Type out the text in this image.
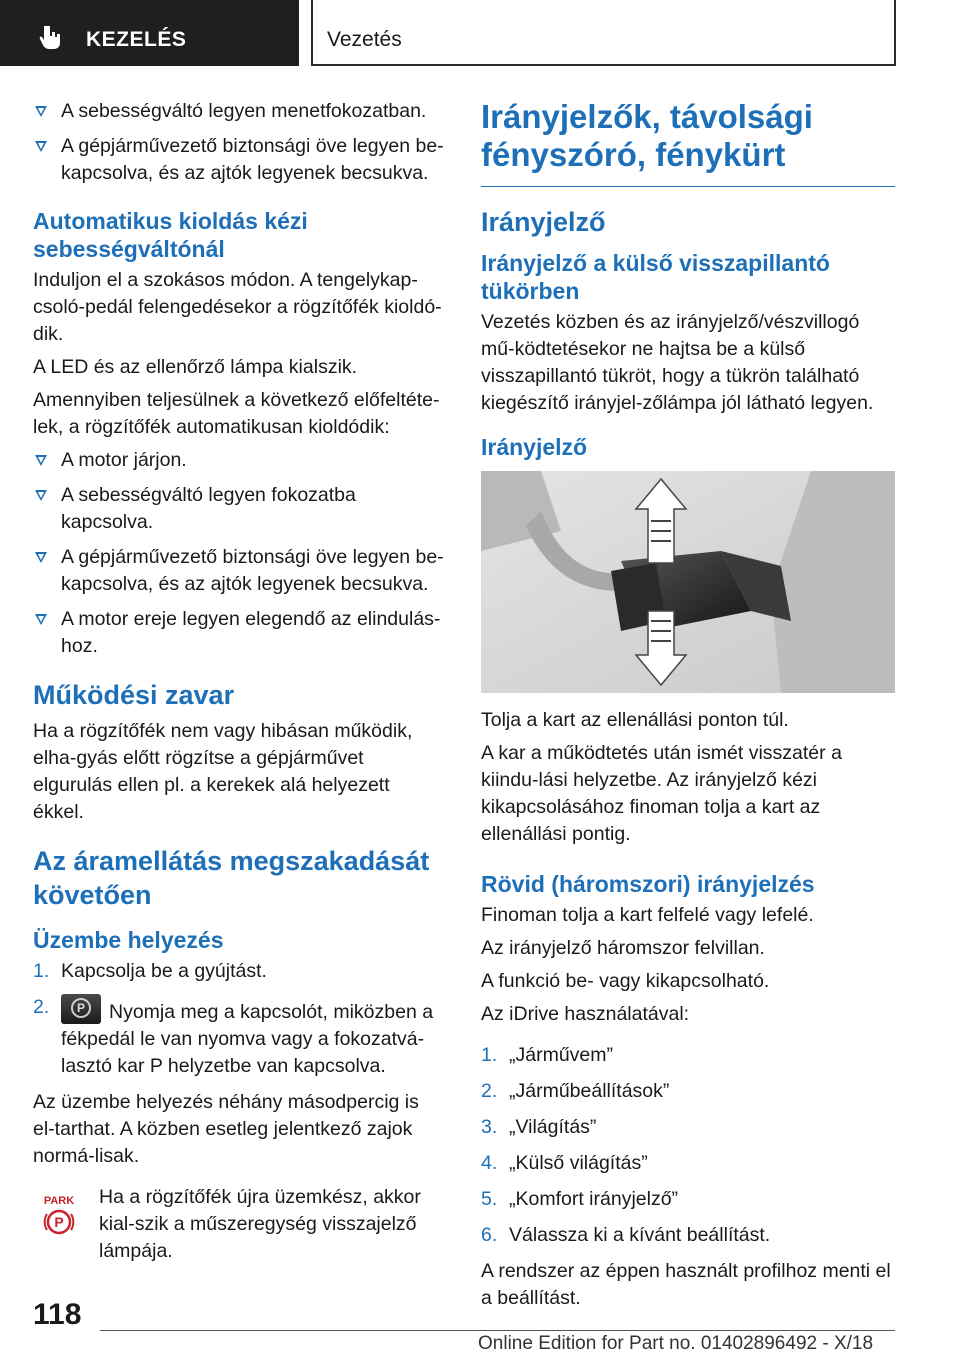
KEZELÉS	Vezetés
A sebességváltó legyen menetfokozatban.
A gépjárművezető biztonsági öve legyen be-kapcsolva, és az ajtók legyenek becsukva.
Automatikus kioldás kézi sebességváltónál

Induljon el a szokásos módon. A tengelykap-csoló-pedál felengedésekor a rögzítőfék kioldó-dik.

A LED és az ellenőrző lámpa kialszik.

Amennyiben teljesülnek a következő előfeltéte-lek, a rögzítőfék automatikusan kioldódik:

A motor járjon.
A sebességváltó legyen fokozatba kapcsolva.
A gépjárművezető biztonsági öve legyen be-kapcsolva, és az ajtók legyenek becsukva.
A motor ereje legyen elegendő az elindulás-hoz.
Működési zavar

Ha a rögzítőfék nem vagy hibásan működik, elha-gyás előtt rögzítse a gépjárművet elgurulás ellen pl. a kerekek alá helyezett ékkel.

Az áramellátás megszakadását követően
Üzembe helyezés
1. Kapcsolja be a gyújtást.
2.	P	Nyomja meg a kapcsolót, miközben a fékpedál le van nyomva vagy a fokozatvá-lasztó kar P helyzetbe van kapcsolva.

Az üzembe helyezés néhány másodpercig is el-tarthat. A közben esetleg jelentkező zajok normá-lisak.

PARK
P
Ha a rögzítőfék újra üzemkész, akkor kial-szik a műszeregység visszajelző lámpája.
Irányjelzők, távolsági fényszóró, fénykürt
Irányjelző
Irányjelző a külső visszapillantó tükörben

Vezetés közben és az irányjelző/vészvillogó mű-ködtetésekor ne hajtsa be a külső visszapillantó tükröt, hogy a tükrön található kiegészítő irányjel-zőlámpa jól látható legyen.

Irányjelző

Tolja a kart az ellenállási ponton túl.

A kar a működtetés után ismét visszatér a kiindu-lási helyzetbe. Az irányjelző kézi kikapcsolásához finoman tolja a kart az ellenállási pontig.

Rövid (háromszori) irányjelzés

Finoman tolja a kart felfelé vagy lefelé.

Az irányjelző háromszor felvillan.

A funkció be- vagy kikapcsolható.

Az iDrive használatával:

1. „Járművem”
2. „Járműbeállítások”
3. „Világítás”
4. „Külső világítás”
5. „Komfort irányjelző”
6. Válassza ki a kívánt beállítást.

A rendszer az éppen használt profilhoz menti el a beállítást.

118
Online Edition for Part no. 01402896492 - X/18
